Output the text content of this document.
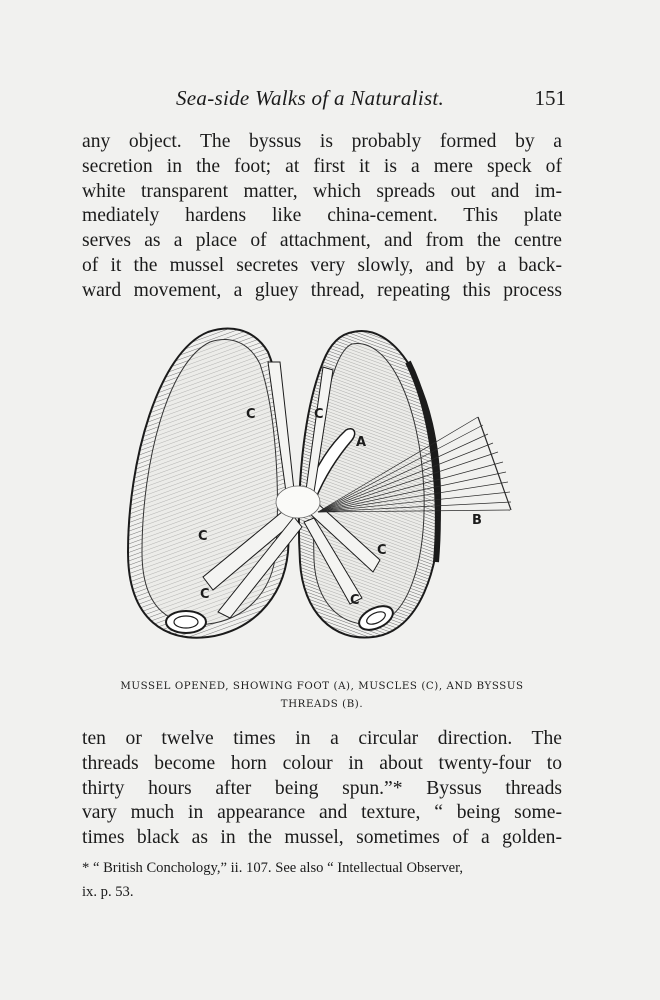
Sea-side Walks of a Naturalist.	151
any object. The byssus is probably formed by a
secretion in the foot; at first it is a mere speck of
white transparent matter, which spreads out and im-
mediately hardens like china-cement. This plate
serves as a place of attachment, and from the centre
of it the mussel secretes very slowly, and by a back-
ward movement, a gluey thread, repeating this process
C	C
A
C
C
C
C
B
MUSSEL OPENED, SHOWING FOOT (A), MUSCLES (C), AND BYSSUS
THREADS (B).
ten or twelve times in a circular direction. The
threads become horn colour in about twenty-four to
thirty hours after being spun.”* Byssus threads
vary much in appearance and texture, “ being some-
times black as in the mussel, sometimes of a golden-
* “ British Conchology,” ii. 107. See also “ Intellectual Observer,
ix. p. 53.
